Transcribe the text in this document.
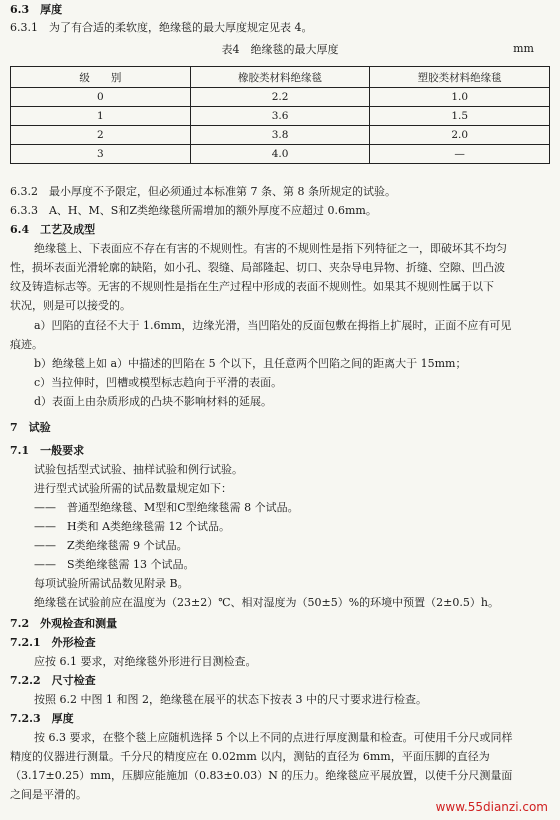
6.3　 厚度
6.3.1　为了有合适的柔软度，绝缘毯的最大厚度规定见表 4。
表4　绝缘毯的最大厚度	mm
级　　别	橡胶类材料绝缘毯	塑胶类材料绝缘毯
0	2.2	1.0
1	3.6	1.5
2	3.8	2.0
3	4.0	—
6.3.2　最小厚度不予限定，但必须通过本标准第 7 条、第 8 条所规定的试验。
6.3.3　A、H、M、S和Z类绝缘毯所需增加的额外厚度不应超过 0.6mm。
6.4　工艺及成型
绝缘毯上、下表面应不存在有害的不规则性。有害的不规则性是指下列特征之一，即破坏其不均匀
性，损坏表面光滑轮廓的缺陷，如小孔、裂缝、局部隆起、切口、夹杂导电异物、折缝、空隙、凹凸波
纹及铸造标志等。无害的不规则性是指在生产过程中形成的表面不规则性。如果其不规则性属于以下
状况，则是可以接受的。
a）凹陷的直径不大于 1.6mm，边缘光滑，当凹陷处的反面包敷在拇指上扩展时，正面不应有可见
痕迹。
b）绝缘毯上如 a）中描述的凹陷在 5 个以下，且任意两个凹陷之间的距离大于 15mm；
c）当拉伸时，凹槽或模型标志趋向于平滑的表面。
d）表面上由杂质形成的凸块不影响材料的延展。
7　试验
7.1　一般要求
试验包括型式试验、抽样试验和例行试验。
进行型式试验所需的试品数量规定如下：
——　普通型绝缘毯、M型和C型绝缘毯需 8 个试品。
——　H类和 A类绝缘毯需 12 个试品。
——　Z类绝缘毯需 9 个试品。
——　S类绝缘毯需 13 个试品。
每项试验所需试品数见附录 B。
绝缘毯在试验前应在温度为（23±2）℃、相对湿度为（50±5）%的环境中预置（2±0.5）h。
7.2　外观检查和测量
7.2.1　外形检查
应按 6.1 要求，对绝缘毯外形进行目测检查。
7.2.2　尺寸检查
按照 6.2 中图 1 和图 2，绝缘毯在展平的状态下按表 3 中的尺寸要求进行检查。
7.2.3　厚度
按 6.3 要求，在整个毯上应随机选择 5 个以上不同的点进行厚度测量和检查。可使用千分尺或同样
精度的仪器进行测量。千分尺的精度应在 0.02mm 以内，测钻的直径为 6mm，平面压脚的直径为
（3.17±0.25）mm，压脚应能施加（0.83±0.03）N 的压力。绝缘毯应平展放置，以使千分尺测量面
之间是平滑的。
www.55dianzi.com
